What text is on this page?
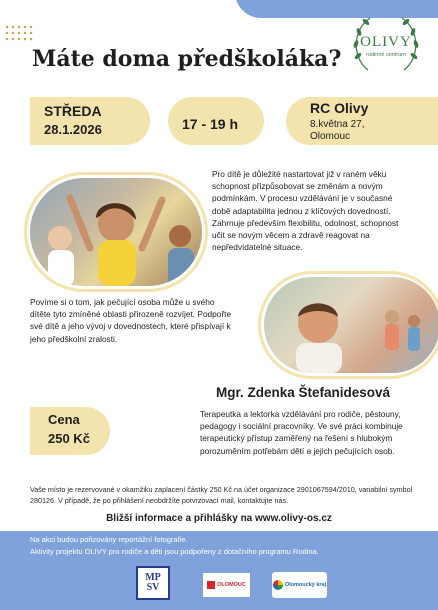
OLIVY
rodinné centrum
Máte doma předškoláka?
STŘEDA
28.1.2026	17 - 19 h
RC Olivy
8.května 27,
Olomouc
Pro dítě je důležité nastartovat již v raném věku schopnost přizpůsobovat se změnám a novým podmínkám. V procesu vzdělávání je v současné době adaptabilita jednou z klíčových dovedností. Zahrnuje především flexibilitu, odolnost, schopnost učit se novým věcem a zdravě reagovat na nepředvídatelné situace.
Povíme si o tom, jak pečující osoba může u svého dítěte tyto zmíněné oblasti přirozeně rozvíjet. Podpořte své dítě a jeho vývoj v dovednostech, které přispívají k jeho předškolní zralosti.
Mgr. Zdenka Štefanidesová
Terapeutka a lektorka vzdělávání pro rodiče, pěstouny, pedagogy i sociální pracovníky. Ve své práci kombinuje terapeutický přístup zaměřený na řešení s hlubokým porozuměním potřebám dětí a jejich pečujících osob.
Cena
250 Kč
Vaše místo je rezervované v okamžiku zaplacení částky 250 Kč na účet organizace 2901067594/2010, variabilní symbol 280126. V případě, že po přihlášení neobdržíte potvrzovací mail, kontaktujte nás.
Bližší informace a přihlášky na www.olivy-os.cz
Na akci budou pořizovány reportážní fotografie.
Aktivity projektu OLIVY pro rodiče a děti jsou podpořeny z dotačního programu Rodina.
MP
SV	OLOMOUC	Olomoucký kraj
